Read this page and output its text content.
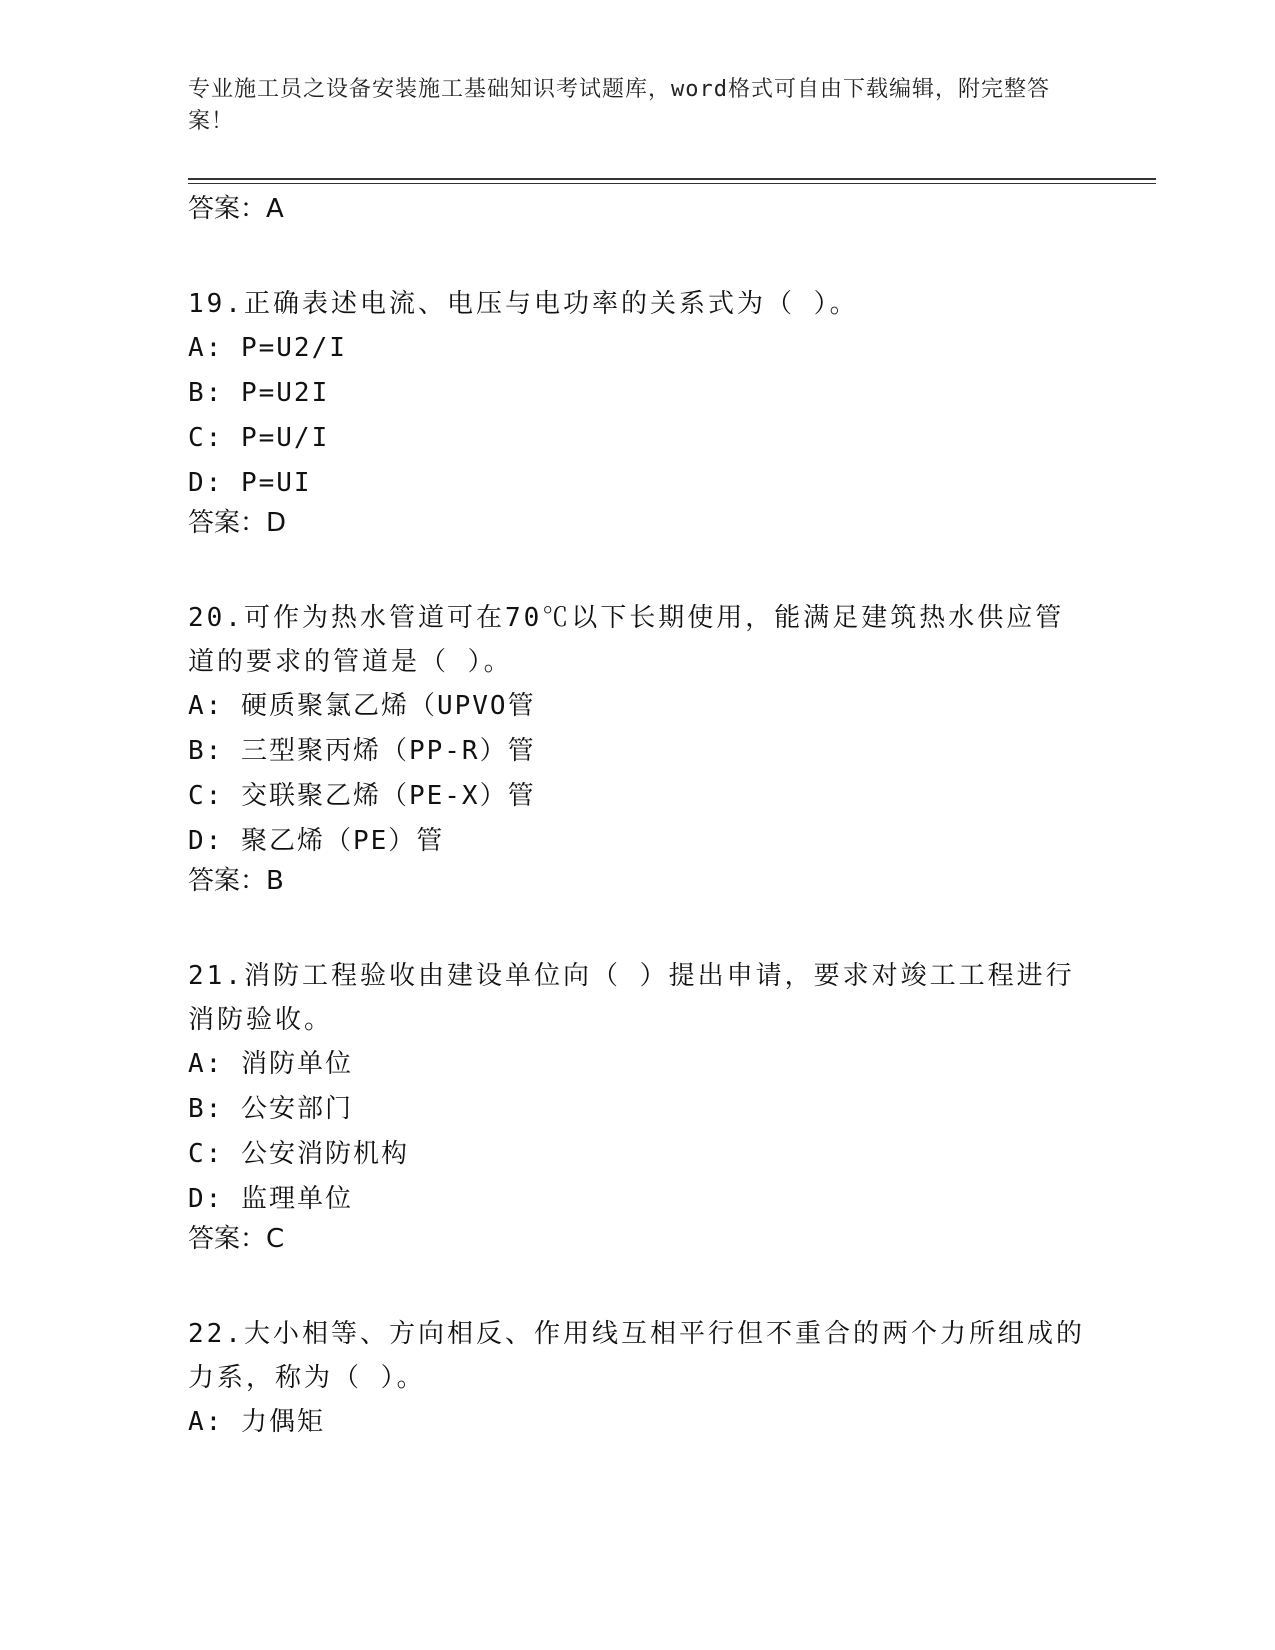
专业施工员之设备安装施工基础知识考试题库，word格式可自由下载编辑，附完整答案！
答案：A
19.正确表述电流、电压与电功率的关系式为（ ）。
A: P=U2/I
B: P=U2I
C: P=U/I
D: P=UI
答案：D
20.可作为热水管道可在70℃以下长期使用，能满足建筑热水供应管道的要求的管道是（ ）。
A: 硬质聚氯乙烯（UPVO管
B: 三型聚丙烯（PP-R）管
C: 交联聚乙烯（PE-X）管
D: 聚乙烯（PE）管
答案：B
21.消防工程验收由建设单位向（ ）提出申请，要求对竣工工程进行消防验收。
A: 消防单位
B: 公安部门
C: 公安消防机构
D: 监理单位
答案：C
22.大小相等、方向相反、作用线互相平行但不重合的两个力所组成的力系，称为（ ）。
A: 力偶矩
